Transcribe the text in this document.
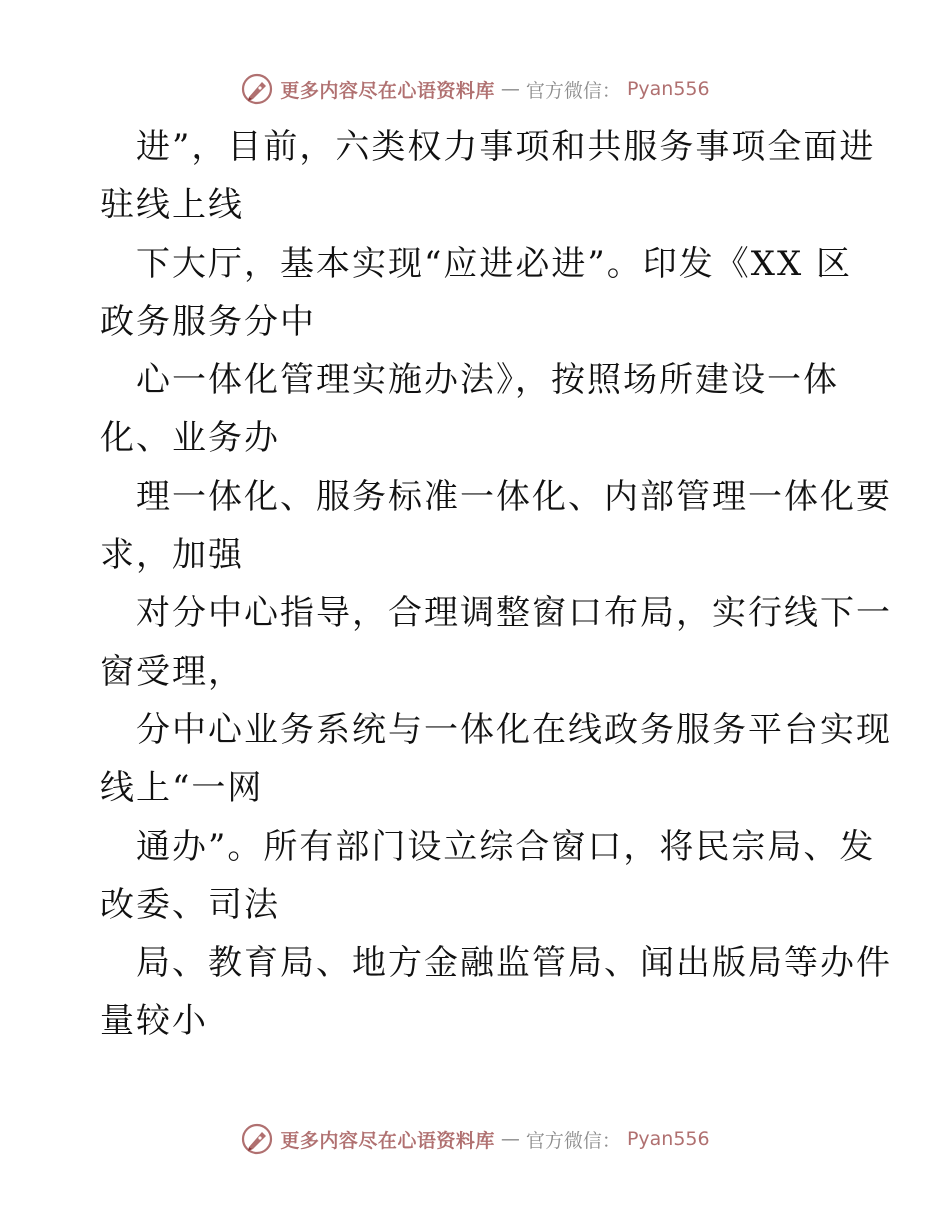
更多内容尽在心语资料库 — 官方微信： Pyan556
进”，目前，六类权力事项和共服务事项全面进
驻线上线
下大厅，基本实现“应进必进”。印发《XX 区
政务服务分中
心一体化管理实施办法》，按照场所建设一体
化、业务办
理一体化、服务标准一体化、内部管理一体化要
求，加强
对分中心指导，合理调整窗口布局，实行线下一
窗受理，
分中心业务系统与一体化在线政务服务平台实现
线上“一网
通办”。所有部门设立综合窗口，将民宗局、发
改委、司法
局、教育局、地方金融监管局、闻出版局等办件
量较小
更多内容尽在心语资料库 — 官方微信： Pyan556
